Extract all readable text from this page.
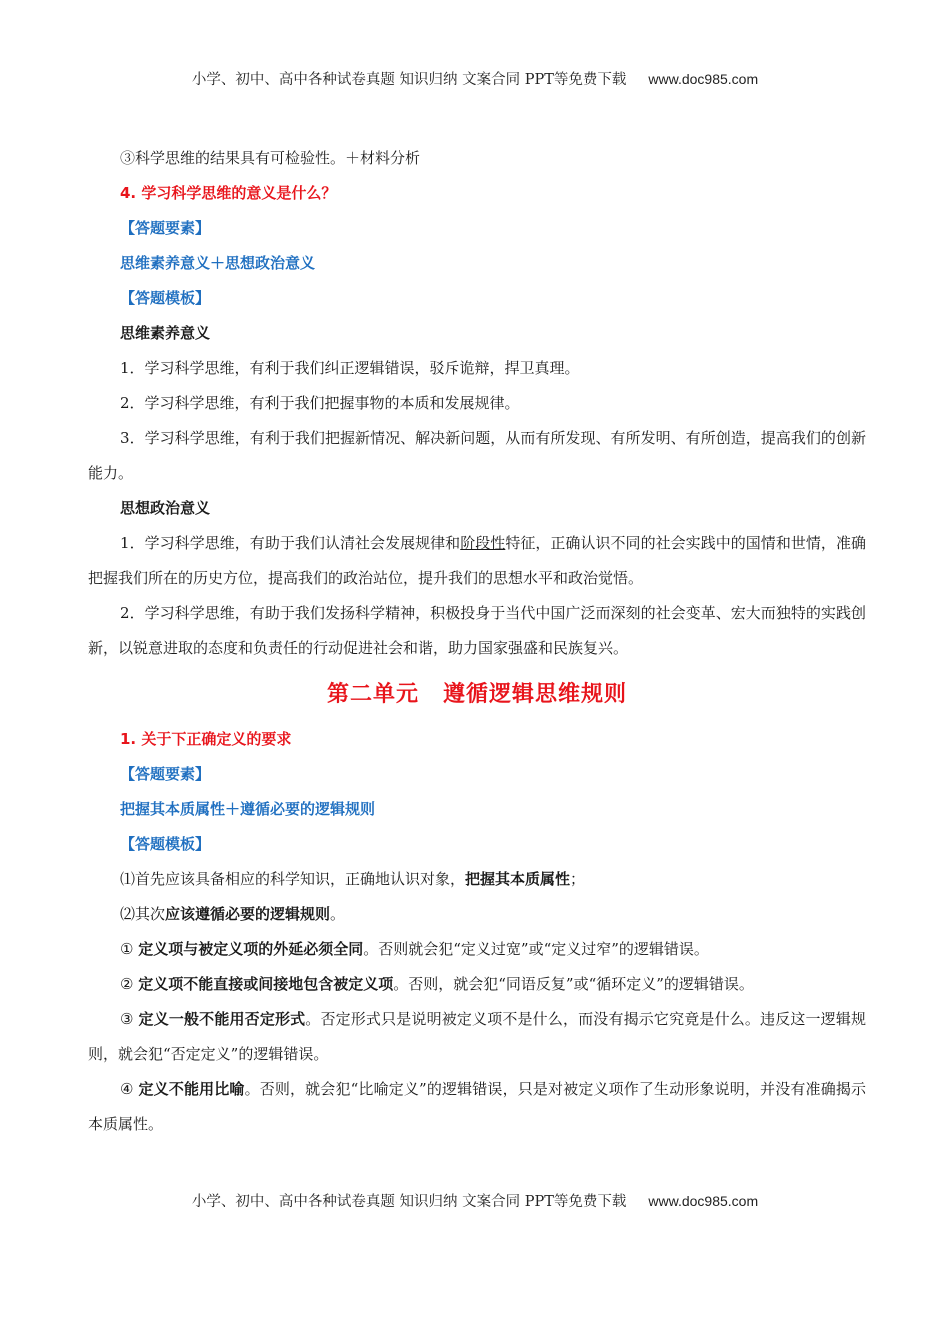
小学、初中、高中各种试卷真题 知识归纳 文案合同 PPT等免费下载 www.doc985.com

③科学思维的结果具有可检验性。＋材料分析

4. 学习科学思维的意义是什么？

【答题要素】

思维素养意义＋思想政治意义

【答题模板】

思维素养意义

1．学习科学思维，有利于我们纠正逻辑错误，驳斥诡辩，捍卫真理。

2．学习科学思维，有利于我们把握事物的本质和发展规律。

3．学习科学思维，有利于我们把握新情况、解决新问题，从而有所发现、有所发明、有所创造，提高我们的创新能力。

思想政治意义

1．学习科学思维，有助于我们认清社会发展规律和阶段性特征，正确认识不同的社会实践中的国情和世情，准确把握我们所在的历史方位，提高我们的政治站位，提升我们的思想水平和政治觉悟。

2．学习科学思维，有助于我们发扬科学精神，积极投身于当代中国广泛而深刻的社会变革、宏大而独特的实践创新，以锐意进取的态度和负责任的行动促进社会和谐，助力国家强盛和民族复兴。

第二单元 遵循逻辑思维规则

1. 关于下正确定义的要求

【答题要素】

把握其本质属性＋遵循必要的逻辑规则

【答题模板】

⑴首先应该具备相应的科学知识，正确地认识对象，把握其本质属性；

⑵其次应该遵循必要的逻辑规则。

① 定义项与被定义项的外延必须全同。否则就会犯“定义过宽”或“定义过窄”的逻辑错误。

② 定义项不能直接或间接地包含被定义项。否则，就会犯“同语反复”或“循环定义”的逻辑错误。

③ 定义一般不能用否定形式。否定形式只是说明被定义项不是什么，而没有揭示它究竟是什么。违反这一逻辑规则，就会犯“否定定义”的逻辑错误。

④ 定义不能用比喻。否则，就会犯“比喻定义”的逻辑错误，只是对被定义项作了生动形象说明，并没有准确揭示本质属性。

小学、初中、高中各种试卷真题 知识归纳 文案合同 PPT等免费下载 www.doc985.com
